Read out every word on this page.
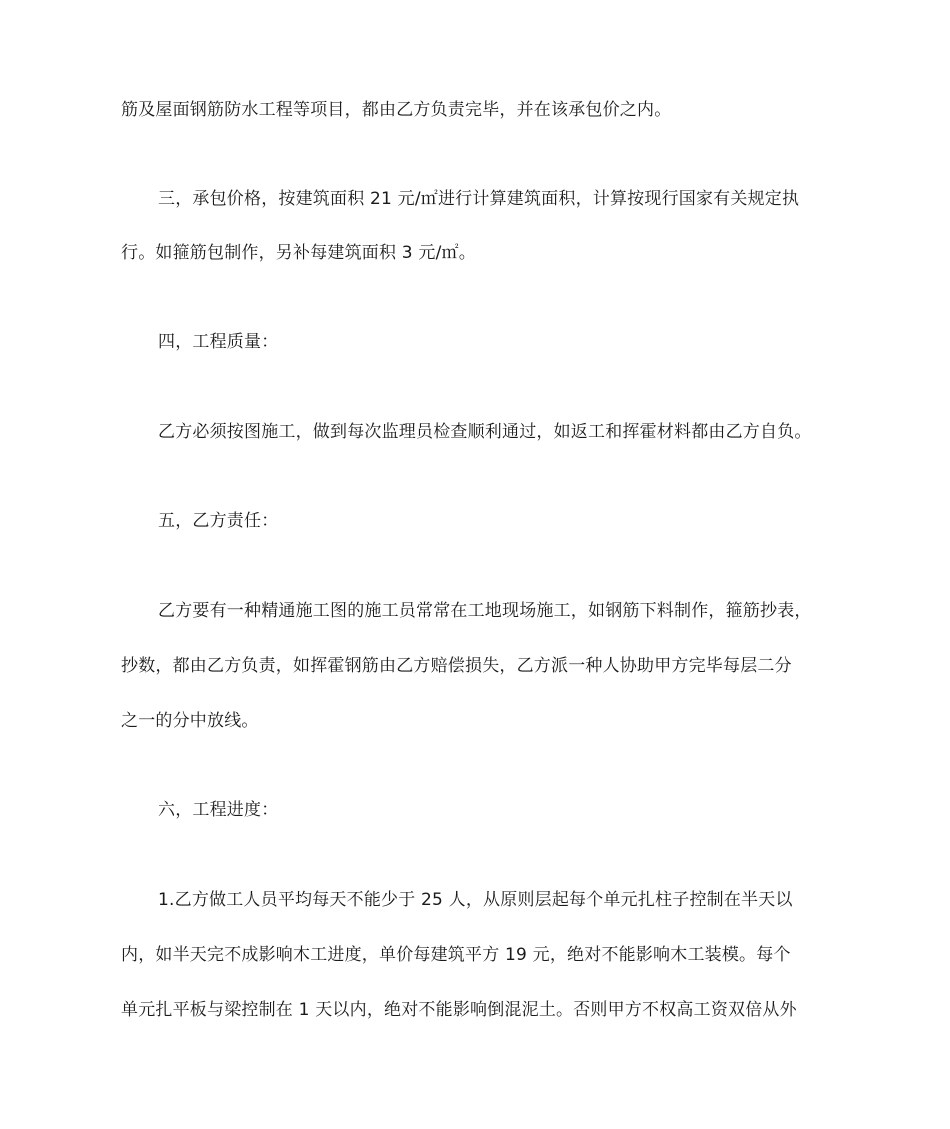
筋及屋面钢筋防水工程等项目，都由乙方负责完毕，并在该承包价之内。
三，承包价格，按建筑面积 21 元/㎡进行计算建筑面积，计算按现行国家有关规定执
行。如箍筋包制作，另补每建筑面积 3 元/㎡。
四，工程质量：
乙方必须按图施工，做到每次监理员检查顺利通过，如返工和挥霍材料都由乙方自负。
五，乙方责任：
乙方要有一种精通施工图的施工员常常在工地现场施工，如钢筋下料制作，箍筋抄表，
抄数，都由乙方负责，如挥霍钢筋由乙方赔偿损失，乙方派一种人协助甲方完毕每层二分
之一的分中放线。
六，工程进度：
1.乙方做工人员平均每天不能少于 25 人，从原则层起每个单元扎柱子控制在半天以
内，如半天完不成影响木工进度，单价每建筑平方 19 元，绝对不能影响木工装模。每个
单元扎平板与梁控制在 1 天以内，绝对不能影响倒混泥土。否则甲方不权高工资双倍从外
